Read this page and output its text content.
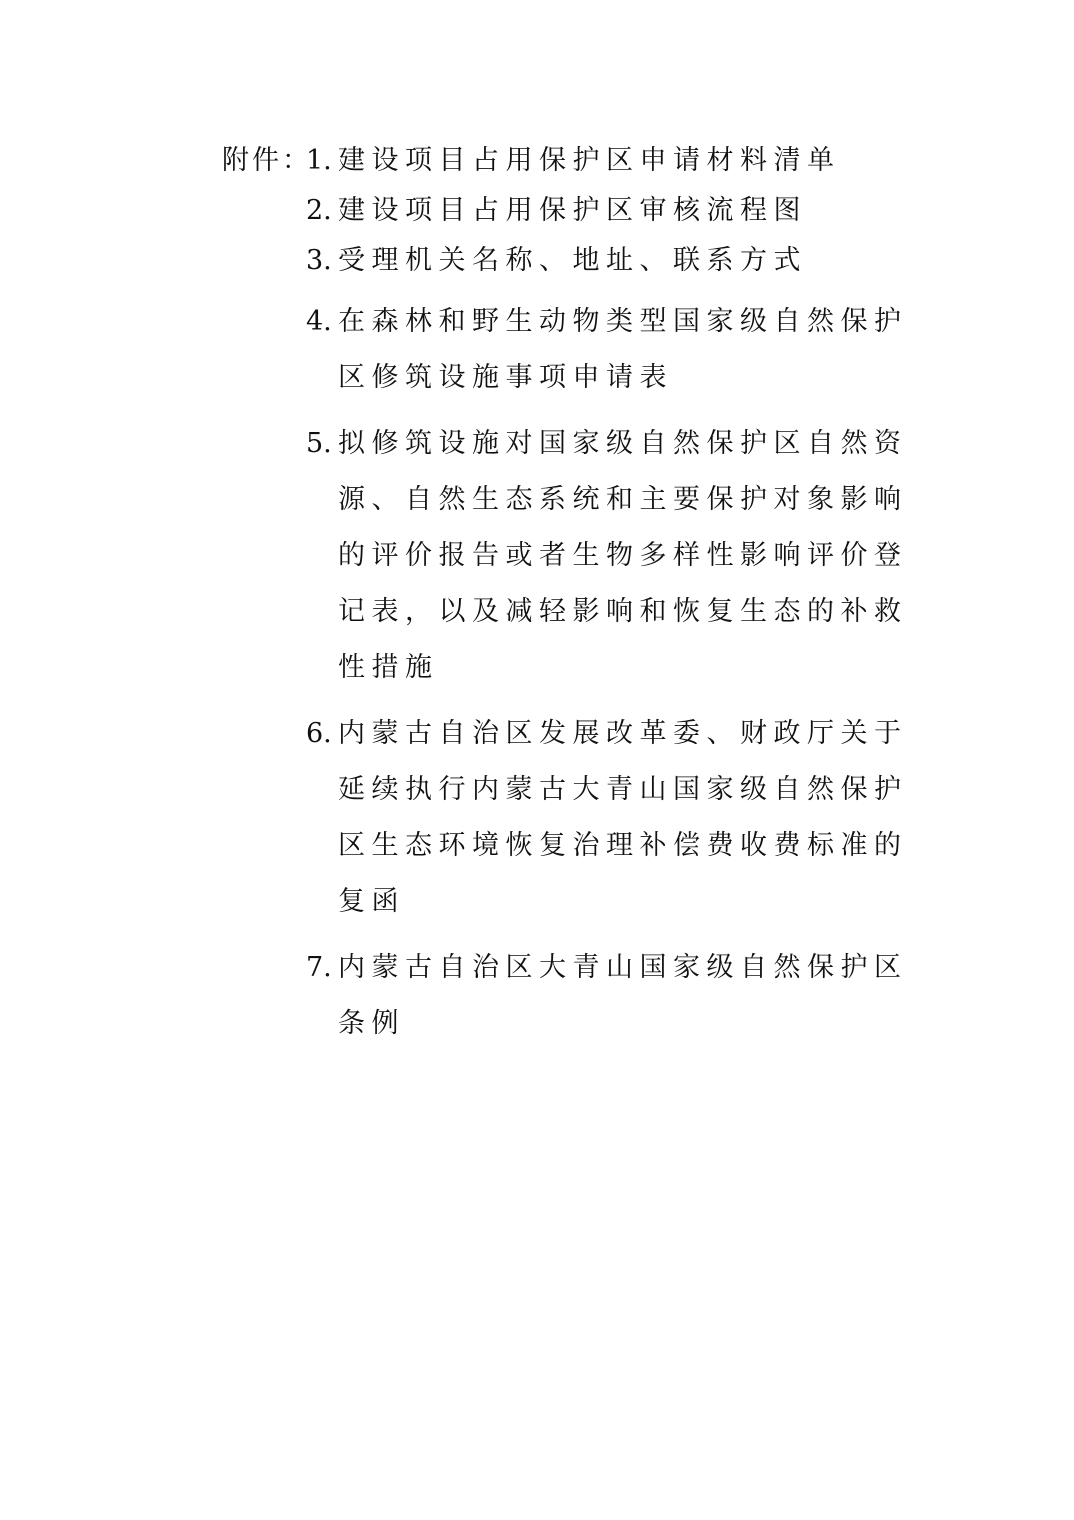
附件：
1. 建设项目占用保护区申请材料清单
2. 建设项目占用保护区审核流程图
3. 受理机关名称、地址、联系方式
4. 在森林和野生动物类型国家级自然保护区修筑设施事项申请表
5. 拟修筑设施对国家级自然保护区自然资源、自然生态系统和主要保护对象影响的评价报告或者生物多样性影响评价登记表，以及减轻影响和恢复生态的补救性措施
6. 内蒙古自治区发展改革委、财政厅关于延续执行内蒙古大青山国家级自然保护区生态环境恢复治理补偿费收费标准的复函
7. 内蒙古自治区大青山国家级自然保护区条例
